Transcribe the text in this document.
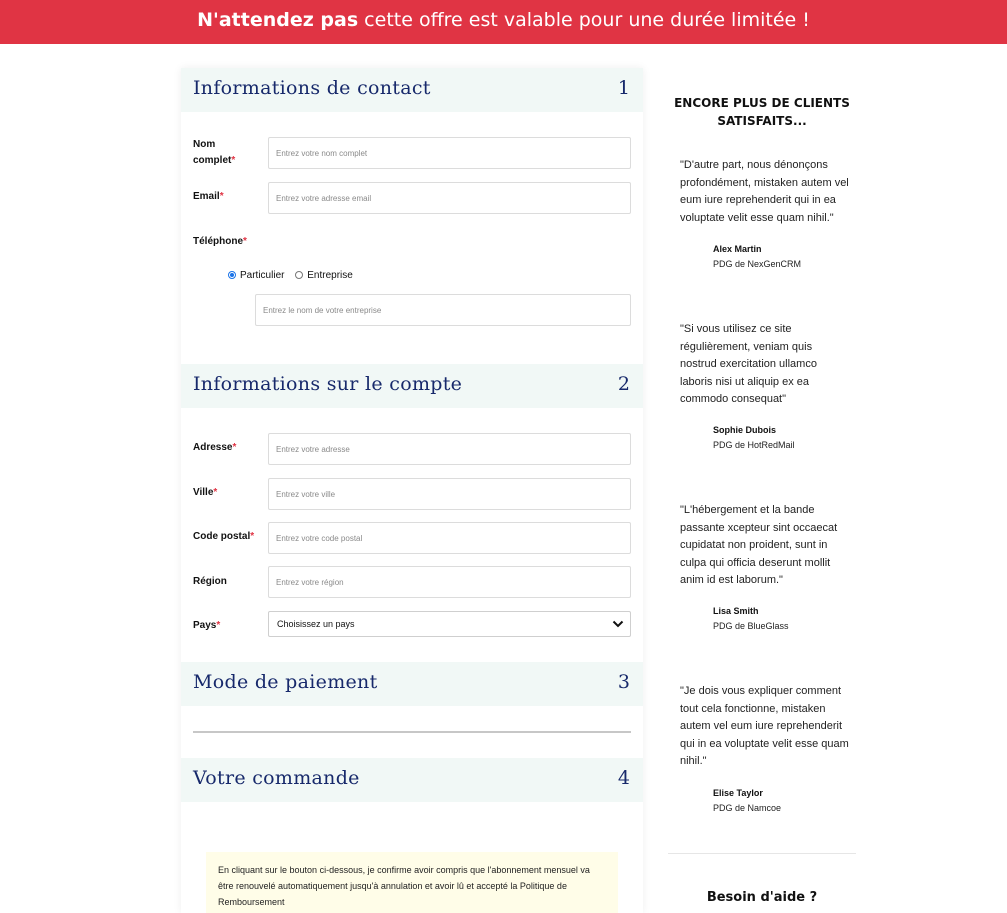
N'attendez pas cette offre est valable pour une durée limitée !
Informations de contact	1
Nom
complet*
Entrez votre nom complet
Email*
Entrez votre adresse email
Téléphone*
Particulier Entreprise
Entrez le nom de votre entreprise
Informations sur le compte	2
Adresse*
Entrez votre adresse
Ville*
Entrez votre ville
Code postal*
Entrez votre code postal
Région
Entrez votre région
Pays*	Choisissez un pays
Mode de paiement	3
Votre commande	4
En cliquant sur le bouton ci-dessous, je confirme avoir compris que l'abonnement mensuel va être renouvelé automatiquement jusqu'à annulation et avoir lû et accepté la Politique de Remboursement
ENCORE PLUS DE CLIENTS
SATISFAITS...
"D'autre part, nous dénonçons profondément, mistaken autem vel eum iure reprehenderit qui in ea voluptate velit esse quam nihil."
Alex Martin
PDG de NexGenCRM
"Si vous utilisez ce site régulièrement, veniam quis nostrud exercitation ullamco laboris nisi ut aliquip ex ea commodo consequat"
Sophie Dubois
PDG de HotRedMail
"L'hébergement et la bande passante xcepteur sint occaecat cupidatat non proident, sunt in culpa qui officia deserunt mollit anim id est laborum."
Lisa Smith
PDG de BlueGlass
"Je dois vous expliquer comment tout cela fonctionne, mistaken autem vel eum iure reprehenderit qui in ea voluptate velit esse quam nihil."
Elise Taylor
PDG de Namcoe
Besoin d'aide ?
